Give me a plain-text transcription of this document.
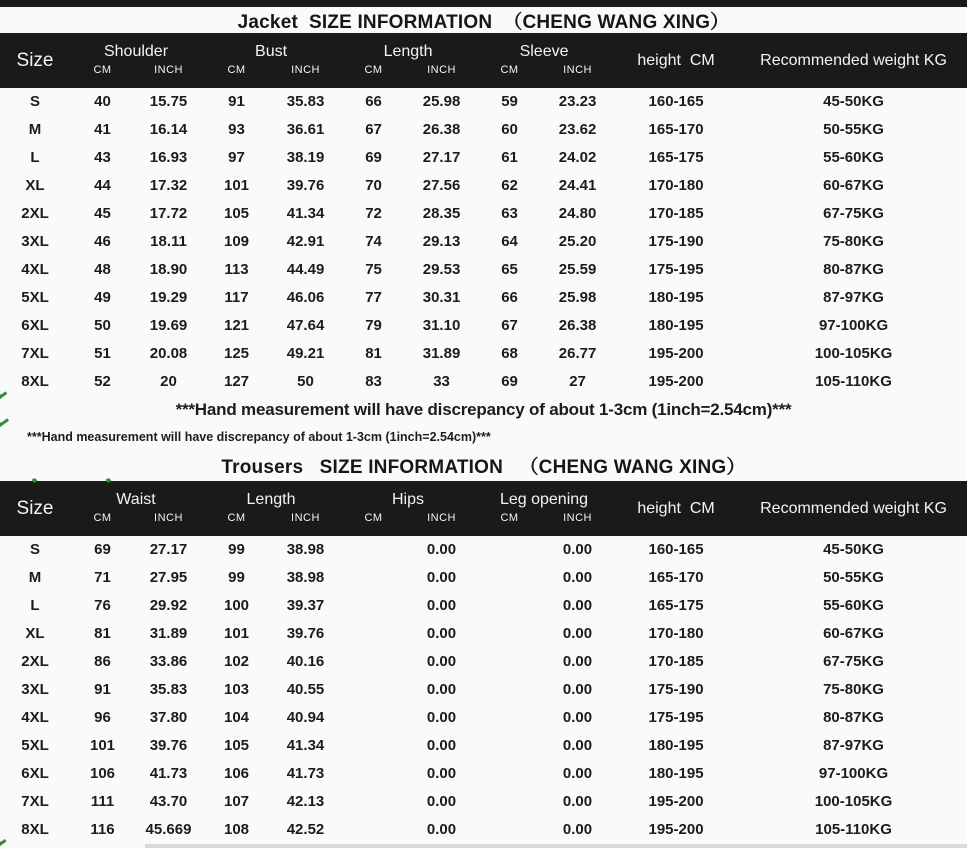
Jacket  SIZE INFORMATION  （CHENG WANG XING）
Size	Shoulder		Bust		Length		Sleeve		height  CM	Recommended weight KG
	CM	INCH	CM	INCH	CM	INCH	CM	INCH		
S	40	15.75	91	35.83	66	25.98	59	23.23	160-165	45-50KG
M	41	16.14	93	36.61	67	26.38	60	23.62	165-170	50-55KG
L	43	16.93	97	38.19	69	27.17	61	24.02	165-175	55-60KG
XL	44	17.32	101	39.76	70	27.56	62	24.41	170-180	60-67KG
2XL	45	17.72	105	41.34	72	28.35	63	24.80	170-185	67-75KG
3XL	46	18.11	109	42.91	74	29.13	64	25.20	175-190	75-80KG
4XL	48	18.90	113	44.49	75	29.53	65	25.59	175-195	80-87KG
5XL	49	19.29	117	46.06	77	30.31	66	25.98	180-195	87-97KG
6XL	50	19.69	121	47.64	79	31.10	67	26.38	180-195	97-100KG
7XL	51	20.08	125	49.21	81	31.89	68	26.77	195-200	100-105KG
8XL	52	20	127	50	83	33	69	27	195-200	105-110KG
***Hand measurement will have discrepancy of about 1-3cm (1inch=2.54cm)***
***Hand measurement will have discrepancy of about 1-3cm (1inch=2.54cm)***
Trousers   SIZE INFORMATION   （CHENG WANG XING）
Size	Waist		Length		Hips		Leg opening		height  CM	Recommended weight KG
	CM	INCH	CM	INCH	CM	INCH	CM	INCH		
S	69	27.17	99	38.98		0.00		0.00	160-165	45-50KG
M	71	27.95	99	38.98		0.00		0.00	165-170	50-55KG
L	76	29.92	100	39.37		0.00		0.00	165-175	55-60KG
XL	81	31.89	101	39.76		0.00		0.00	170-180	60-67KG
2XL	86	33.86	102	40.16		0.00		0.00	170-185	67-75KG
3XL	91	35.83	103	40.55		0.00		0.00	175-190	75-80KG
4XL	96	37.80	104	40.94		0.00		0.00	175-195	80-87KG
5XL	101	39.76	105	41.34		0.00		0.00	180-195	87-97KG
6XL	106	41.73	106	41.73		0.00		0.00	180-195	97-100KG
7XL	111	43.70	107	42.13		0.00		0.00	195-200	100-105KG
8XL	116	45.669	108	42.52		0.00		0.00	195-200	105-110KG
